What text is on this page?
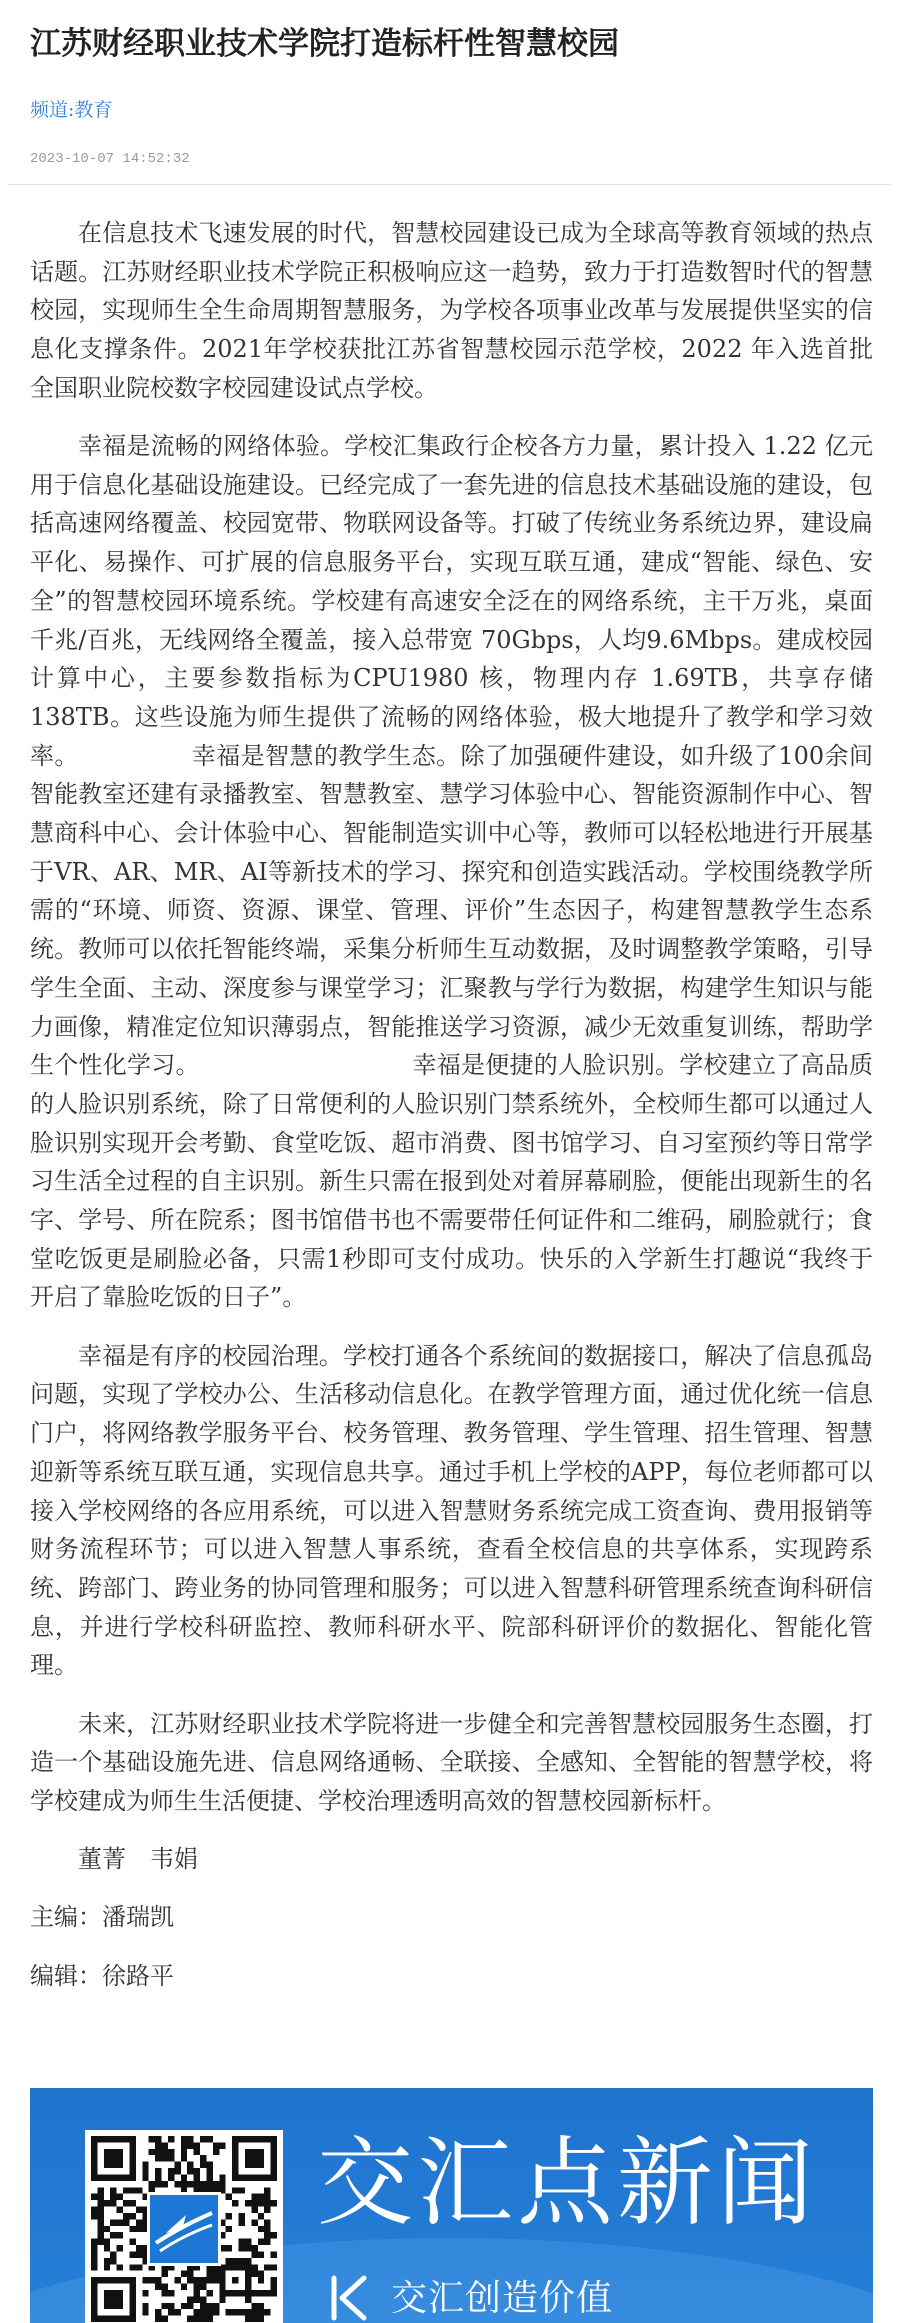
江苏财经职业技术学院打造标杆性智慧校园
频道:教育
2023-10-07 14:52:32

在信息技术飞速发展的时代，智慧校园建设已成为全球高等教育领域的热点话题。江苏财经职业技术学院正积极响应这一趋势，致力于打造数智时代的智慧校园，实现师生全生命周期智慧服务，为学校各项事业改革与发展提供坚实的信息化支撑条件。2021年学校获批江苏省智慧校园示范学校，2022 年入选首批全国职业院校数字校园建设试点学校。

幸福是流畅的网络体验。学校汇集政行企校各方力量，累计投入 1.22 亿元用于信息化基础设施建设。已经完成了一套先进的信息技术基础设施的建设，包括高速网络覆盖、校园宽带、物联网设备等。打破了传统业务系统边界，建设扁平化、易操作、可扩展的信息服务平台，实现互联互通，建成“智能、绿色、安全”的智慧校园环境系统。学校建有高速安全泛在的网络系统，主干万兆，桌面千兆/百兆，无线网络全覆盖，接入总带宽 70Gbps，人均9.6Mbps。建成校园计算中心，主要参数指标为CPU1980 核，物理内存 1.69TB，共享存储 138TB。这些设施为师生提供了流畅的网络体验，极大地提升了教学和学习效率。              幸福是智慧的教学生态。除了加强硬件建设，如升级了100余间智能教室还建有录播教室、智慧教室、慧学习体验中心、智能资源制作中心、智慧商科中心、会计体验中心、智能制造实训中心等，教师可以轻松地进行开展基于VR、AR、MR、AI等新技术的学习、探究和创造实践活动。学校围绕教学所需的“环境、师资、资源、课堂、管理、评价”生态因子，构建智慧教学生态系统。教师可以依托智能终端，采集分析师生互动数据，及时调整教学策略，引导学生全面、主动、深度参与课堂学习；汇聚教与学行为数据，构建学生知识与能力画像，精准定位知识薄弱点，智能推送学习资源，减少无效重复训练，帮助学生个性化学习。                           幸福是便捷的人脸识别。学校建立了高品质的人脸识别系统，除了日常便利的人脸识别门禁系统外，全校师生都可以通过人脸识别实现开会考勤、食堂吃饭、超市消费、图书馆学习、自习室预约等日常学习生活全过程的自主识别。新生只需在报到处对着屏幕刷脸，便能出现新生的名字、学号、所在院系；图书馆借书也不需要带任何证件和二维码，刷脸就行；食堂吃饭更是刷脸必备，只需1秒即可支付成功。快乐的入学新生打趣说“我终于开启了靠脸吃饭的日子”。

幸福是有序的校园治理。学校打通各个系统间的数据接口，解决了信息孤岛问题，实现了学校办公、生活移动信息化。在教学管理方面，通过优化统一信息门户，将网络教学服务平台、校务管理、教务管理、学生管理、招生管理、智慧迎新等系统互联互通，实现信息共享。通过手机上学校的APP，每位老师都可以接入学校网络的各应用系统，可以进入智慧财务系统完成工资查询、费用报销等财务流程环节；可以进入智慧人事系统，查看全校信息的共享体系，实现跨系统、跨部门、跨业务的协同管理和服务；可以进入智慧科研管理系统查询科研信息，并进行学校科研监控、教师科研水平、院部科研评价的数据化、智能化管理。

未来，江苏财经职业技术学院将进一步健全和完善智慧校园服务生态圈，打造一个基础设施先进、信息网络通畅、全联接、全感知、全智能的智慧学校，将学校建成为师生生活便捷、学校治理透明高效的智慧校园新标杆。

董菁　韦娟

主编：潘瑞凯

编辑：徐路平

交汇点新闻
交汇创造价值
